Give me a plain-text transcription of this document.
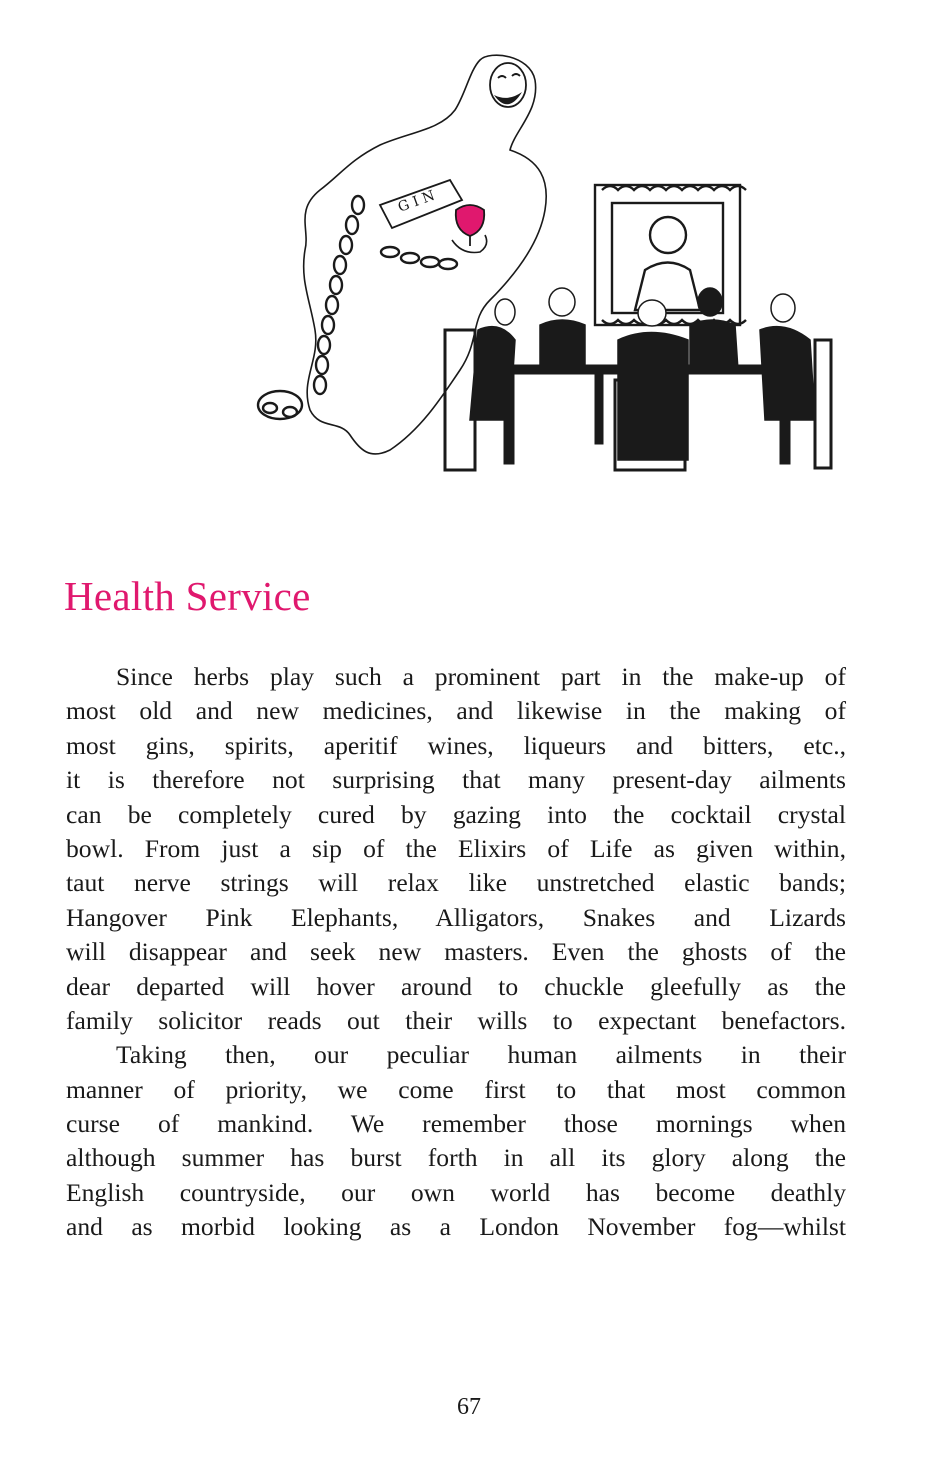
G I N
Health Service
Since herbs play such a prominent part in the make-up of
most old and new medicines, and likewise in the making of
most gins, spirits, aperitif wines, liqueurs and bitters, etc.,
it is therefore not surprising that many present-day ailments
can be completely cured by gazing into the cocktail crystal
bowl. From just a sip of the Elixirs of Life as given within,
taut nerve strings will relax like unstretched elastic bands;
Hangover Pink Elephants, Alligators, Snakes and Lizards
will disappear and seek new masters. Even the ghosts of the
dear departed will hover around to chuckle gleefully as the
family solicitor reads out their wills to expectant benefactors.
Taking then, our peculiar human ailments in their
manner of priority, we come first to that most common
curse of mankind. We remember those mornings when
although summer has burst forth in all its glory along the
English countryside, our own world has become deathly
and as morbid looking as a London November fog—whilst
67
